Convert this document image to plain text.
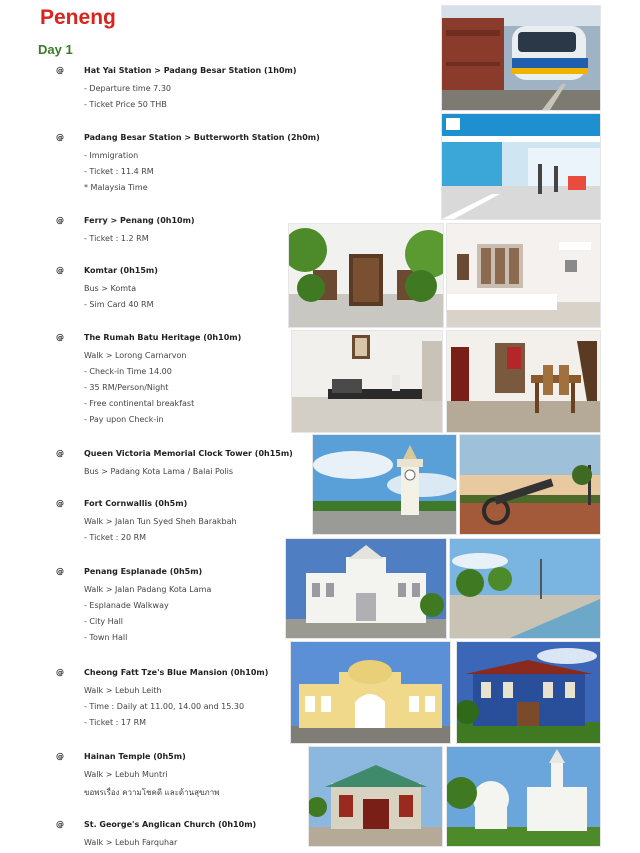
Peneng
Day 1
@	Hat Yai Station > Padang Besar Station (1h0m)
- Departure time 7.30
- Ticket Price 50 THB
@	Padang Besar Station > Butterworth Station (2h0m)
- Immigration
- Ticket : 11.4 RM
* Malaysia Time
@	Ferry > Penang (0h10m)
- Ticket : 1.2 RM
@	Komtar (0h15m)
Bus > Komta
- Sim Card 40 RM
@	The Rumah Batu Heritage (0h10m)
Walk > Lorong Carnarvon
- Check-in Time 14.00
- 35 RM/Person/Night
- Free continental breakfast
- Pay upon Check-in
@	Queen Victoria Memorial Clock Tower (0h15m)
Bus > Padang Kota Lama / Balai Polis
@	Fort Cornwallis (0h5m)
Walk > Jalan Tun Syed Sheh Barakbah
- Ticket : 20 RM
@	Penang Esplanade (0h5m)
Walk > Jalan Padang Kota Lama
- Esplanade Walkway
- City Hall
- Town Hall
@	Cheong Fatt Tze's Blue Mansion (0h10m)
Walk > Lebuh Leith
- Time : Daily at 11.00, 14.00 and 15.30
- Ticket : 17 RM
@	Hainan Temple (0h5m)
Walk > Lebuh Muntri
ขอพรเรื่อง ความโชคดี และด้านสุขภาพ
@	St. George's Anglican Church (0h10m)
Walk > Lebuh Farquhar
